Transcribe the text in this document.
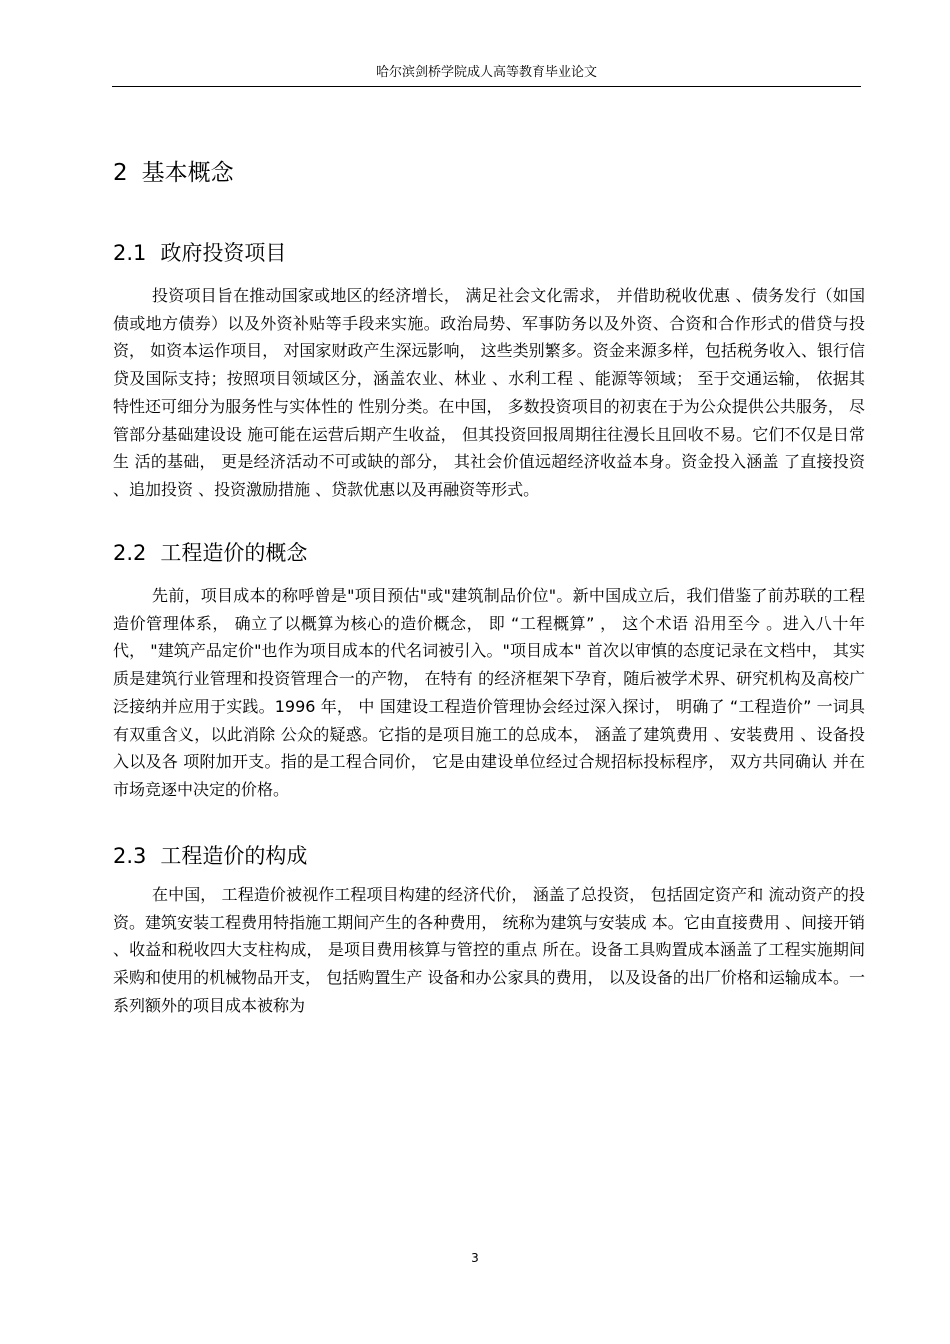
哈尔滨剑桥学院成人高等教育毕业论文
2 基本概念
2.1 政府投资项目

投资项目旨在推动国家或地区的经济增长， 满足社会文化需求， 并借助税收优惠 、债务发行（如国债或地方债券）以及外资补贴等手段来实施。政治局势、军事防务以及外资、合资和合作形式的借贷与投资， 如资本运作项目， 对国家财政产生深远影响， 这些类别繁多。资金来源多样，包括税务收入、银行信贷及国际支持；按照项目领域区分，涵盖农业、林业 、水利工程 、能源等领域； 至于交通运输， 依据其特性还可细分为服务性与实体性的 性别分类。在中国， 多数投资项目的初衷在于为公众提供公共服务， 尽管部分基础建设设 施可能在运营后期产生收益， 但其投资回报周期往往漫长且回收不易。它们不仅是日常生 活的基础， 更是经济活动不可或缺的部分， 其社会价值远超经济收益本身。资金投入涵盖 了直接投资 、追加投资 、投资激励措施 、贷款优惠以及再融资等形式。

2.2 工程造价的概念

先前，项目成本的称呼曾是"项目预估"或"建筑制品价位"。新中国成立后，我们借鉴了前苏联的工程造价管理体系， 确立了以概算为核心的造价概念， 即 “工程概算” ， 这个术语 沿用至今 。进入八十年代， "建筑产品定价"也作为项目成本的代名词被引入。"项目成本" 首次以审慎的态度记录在文档中， 其实质是建筑行业管理和投资管理合一的产物， 在特有 的经济框架下孕育，随后被学术界、研究机构及高校广泛接纳并应用于实践。1996 年， 中 国建设工程造价管理协会经过深入探讨， 明确了 “工程造价” 一词具有双重含义，以此消除 公众的疑惑。它指的是项目施工的总成本， 涵盖了建筑费用 、安装费用 、设备投入以及各 项附加开支。指的是工程合同价， 它是由建设单位经过合规招标投标程序， 双方共同确认 并在市场竞逐中决定的价格。

2.3 工程造价的构成

在中国， 工程造价被视作工程项目构建的经济代价， 涵盖了总投资， 包括固定资产和 流动资产的投资。建筑安装工程费用特指施工期间产生的各种费用， 统称为建筑与安装成 本。它由直接费用 、间接开销 、收益和税收四大支柱构成， 是项目费用核算与管控的重点 所在。设备工具购置成本涵盖了工程实施期间采购和使用的机械物品开支， 包括购置生产 设备和办公家具的费用， 以及设备的出厂价格和运输成本。一系列额外的项目成本被称为

3
